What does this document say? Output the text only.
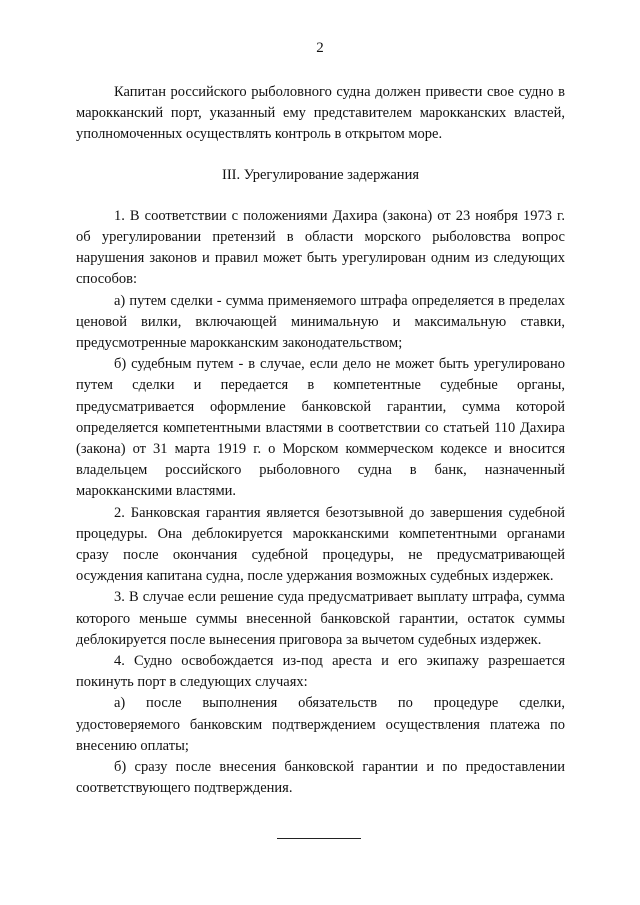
2

Капитан российского рыболовного судна должен привести свое судно в марокканский порт, указанный ему представителем марокканских властей, уполномоченных осуществлять контроль в открытом море.

III. Урегулирование задержания

1. В соответствии с положениями Дахира (закона) от 23 ноября 1973 г. об урегулировании претензий в области морского рыболовства вопрос нарушения законов и правил может быть урегулирован одним из следующих способов:

а) путем сделки - сумма применяемого штрафа определяется в пределах ценовой вилки, включающей минимальную и максимальную ставки, предусмотренные марокканским законодательством;

б) судебным путем - в случае, если дело не может быть урегулировано путем сделки и передается в компетентные судебные органы, предусматривается оформление банковской гарантии, сумма которой определяется компетентными властями в соответствии со статьей 110 Дахира (закона) от 31 марта 1919 г. о Морском коммерческом кодексе и вносится владельцем российского рыболовного судна в банк, назначенный марокканскими властями.

2. Банковская гарантия является безотзывной до завершения судебной процедуры. Она деблокируется марокканскими компетентными органами сразу после окончания судебной процедуры, не предусматривающей осуждения капитана судна, после удержания возможных судебных издержек.

3. В случае если решение суда предусматривает выплату штрафа, сумма которого меньше суммы внесенной банковской гарантии, остаток суммы деблокируется после вынесения приговора за вычетом судебных издержек.

4. Судно освобождается из-под ареста и его экипажу разрешается покинуть порт в следующих случаях:

а) после выполнения обязательств по процедуре сделки, удостоверяемого банковским подтверждением осуществления платежа по внесению оплаты;

б) сразу после внесения банковской гарантии и по предоставлении соответствующего подтверждения.
